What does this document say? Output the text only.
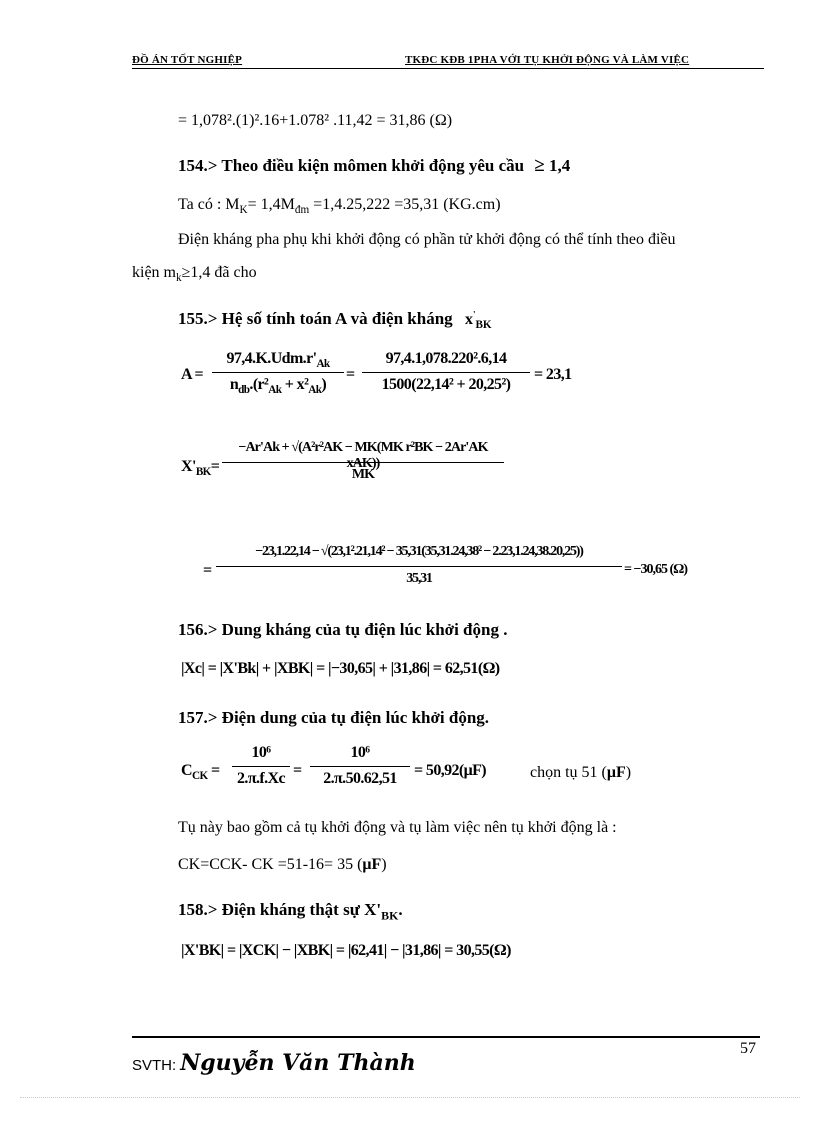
ĐỒ ÁN TỐT NGHIỆP	TKĐC KĐB 1PHA VỚI TỤ KHỞI ĐỘNG VÀ LÀM VIỆC
= 1,078².(1)².16+1.078² .11,42 = 31,86 (Ω)
154.> Theo điều kiện mômen khởi động yêu cầu ≥ 1,4
Ta có : $M_K= 1,4M_{đm} =1,4.25,222 =35,31$ (KG.cm)
Điện kháng pha phụ khi khởi động có phần tử khởi động có thể tính theo điều
kiện $m_k\ge 1,4$ đã cho
155.> Hệ số tính toán A và điện kháng $x'_{BK}$
A =
$97,4.K.Udm.r'_{Ak}$
$n_{db}.(r^2_{Ak} + x^2_{Ak})$
=
97,4.1,078.220².6,14
1500(22,14² + 20,25²)
= 23,1
$X'_{BK}=$
−Ar'Ak + √(A²r²AK − MK(MK r²BK − 2Ar'AK xAK))
MK
=
−23,1.22,14 − √(23,1².21,14² − 35,31(35,31.24,38² − 2.23,1.24,38.20,25))
35,31
= −30,65 (Ω)
156.> Dung kháng của tụ điện lúc khởi động .
|Xc| = |X'Bk| + |XBK| = |−30,65| + |31,86| = 62,51(Ω)
157.> Điện dung của tụ điện lúc khởi động.
$C_{CK}$ =
10⁶
2.π.f.Xc =
10⁶
2.π.50.62,51	= 50,92(μF)	chọn tụ 51 (μF)
Tụ này bao gồm cả tụ khởi động và tụ làm việc nên tụ khởi động là :
CK=CCK- CK =51-16= 35 (μF)
158.> Điện kháng thật sự $X'_{BK}$.
|X'BK| = |XCK| − |XBK| = |62,41| − |31,86| = 30,55(Ω)
57
SVTH: Nguyễn Văn Thành
